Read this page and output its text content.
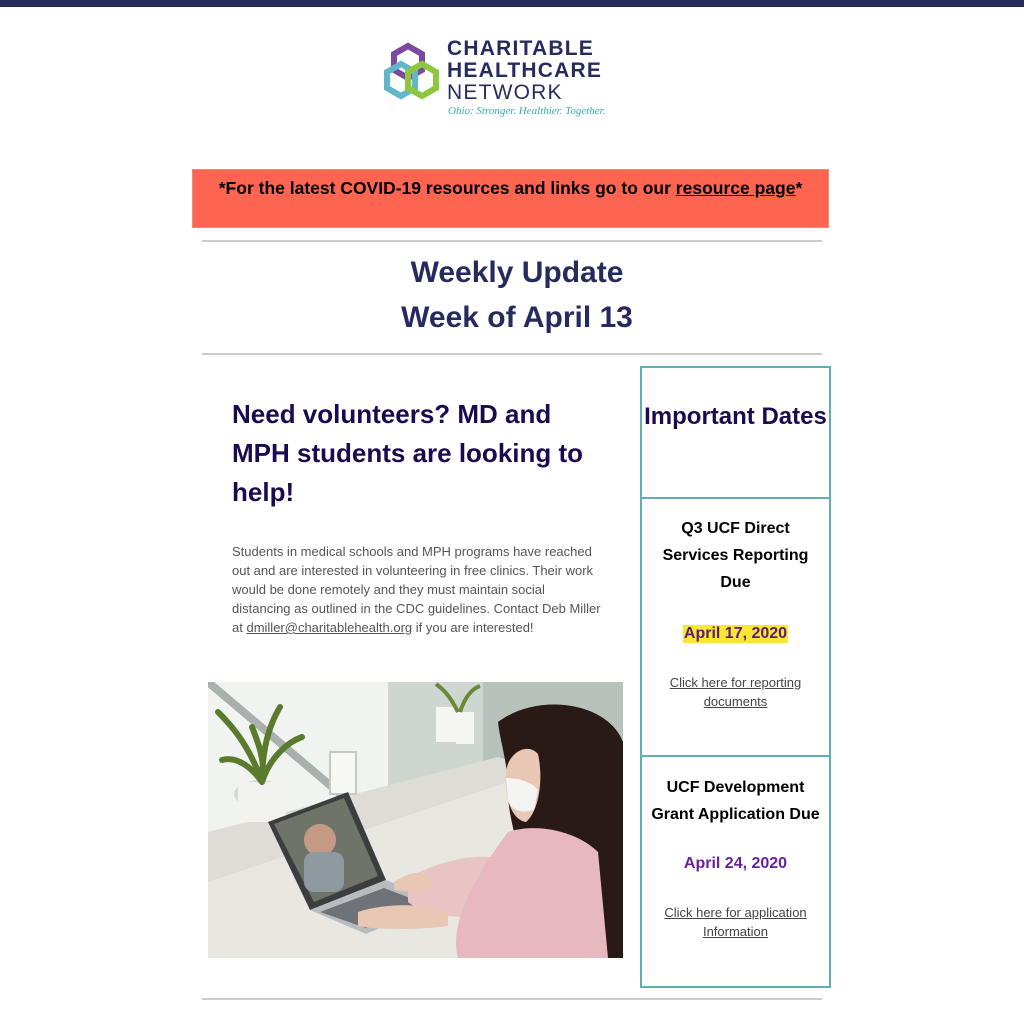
CHARITABLE
HEALTHCARE
NETWORK
Ohio: Stronger. Healthier. Together.
*For the latest COVID-19 resources and links go to our resource page*
Weekly Update
Week of April 13
Need volunteers? MD and MPH students are looking to help!

Students in medical schools and MPH programs have reached out and are interested in volunteering in free clinics. Their work would be done remotely and they must maintain social distancing as outlined in the CDC guidelines. Contact Deb Miller at dmiller@charitablehealth.org if you are interested!

Important Dates
Q3 UCF Direct Services Reporting Due
April 17, 2020
Click here for reporting documents
UCF Development Grant Application Due
April 24, 2020
Click here for application Information
